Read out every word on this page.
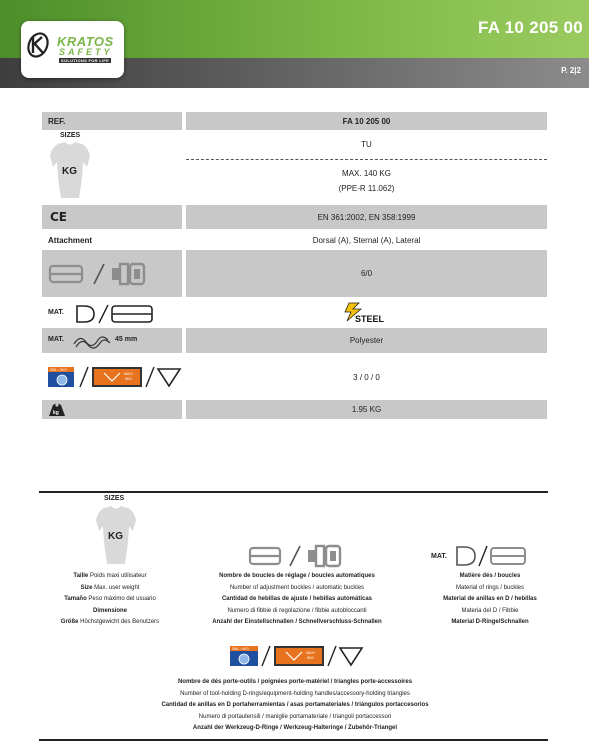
FA 10 205 00
P. 2|2
KRATOS
SAFETY
SOLUTIONS FOR LIFE
REF.	FA 10 205 00
SIZES
KG
TU
MAX. 140 KG
(PPE-R 11.062)
CE	EN 361:2002, EN 358:1999
Attachment	Dorsal (A), Sternal (A), Lateral
6/0
MAT.
STEEL
MAT.	45 mm	Polyester
SWL = 5KG
MAXI
5KG	3 / 0 / 0
kg	1.95 KG
SIZES
KG
MAT.
Taille Poids maxi utilisateur
Size Max. user weight
Tamaño Peso máximo del usuario
Dimensione
Größe Höchstgewicht des Benutzers
Nombre de boucles de réglage / boucles automatiques
Number of adjustment buckles / automatic buckles
Cantidad de hebillas de ajuste / hebillas automáticas
Numero di fibbie di regolazione / fibbie autobloccanti
Anzahl der Einstellschnallen / Schnellverschluss-Schnallen
Matière dés / boucles
Material of rings / buckles
Material de anillas en D / hebillas
Materia del D / Fibbie
Material D-Ringe/Schnallen
SWL = 5KG
MAXI
5KG
Nombre de dés porte-outils / poignées porte-matériel / triangles porte-accessoires
Number of tool-holding D-rings/equipment-holding handles/accessory-holding triangles
Cantidad de anillas en D portaherramientas / asas portamateriales / triángulos portaccesorios
Numero di portautensili / maniglie portamateriale / triangoli portaccessori
Anzahl der Werkzeug-D-Ringe / Werkzeug-Halteringe / Zubehör-Triangel
